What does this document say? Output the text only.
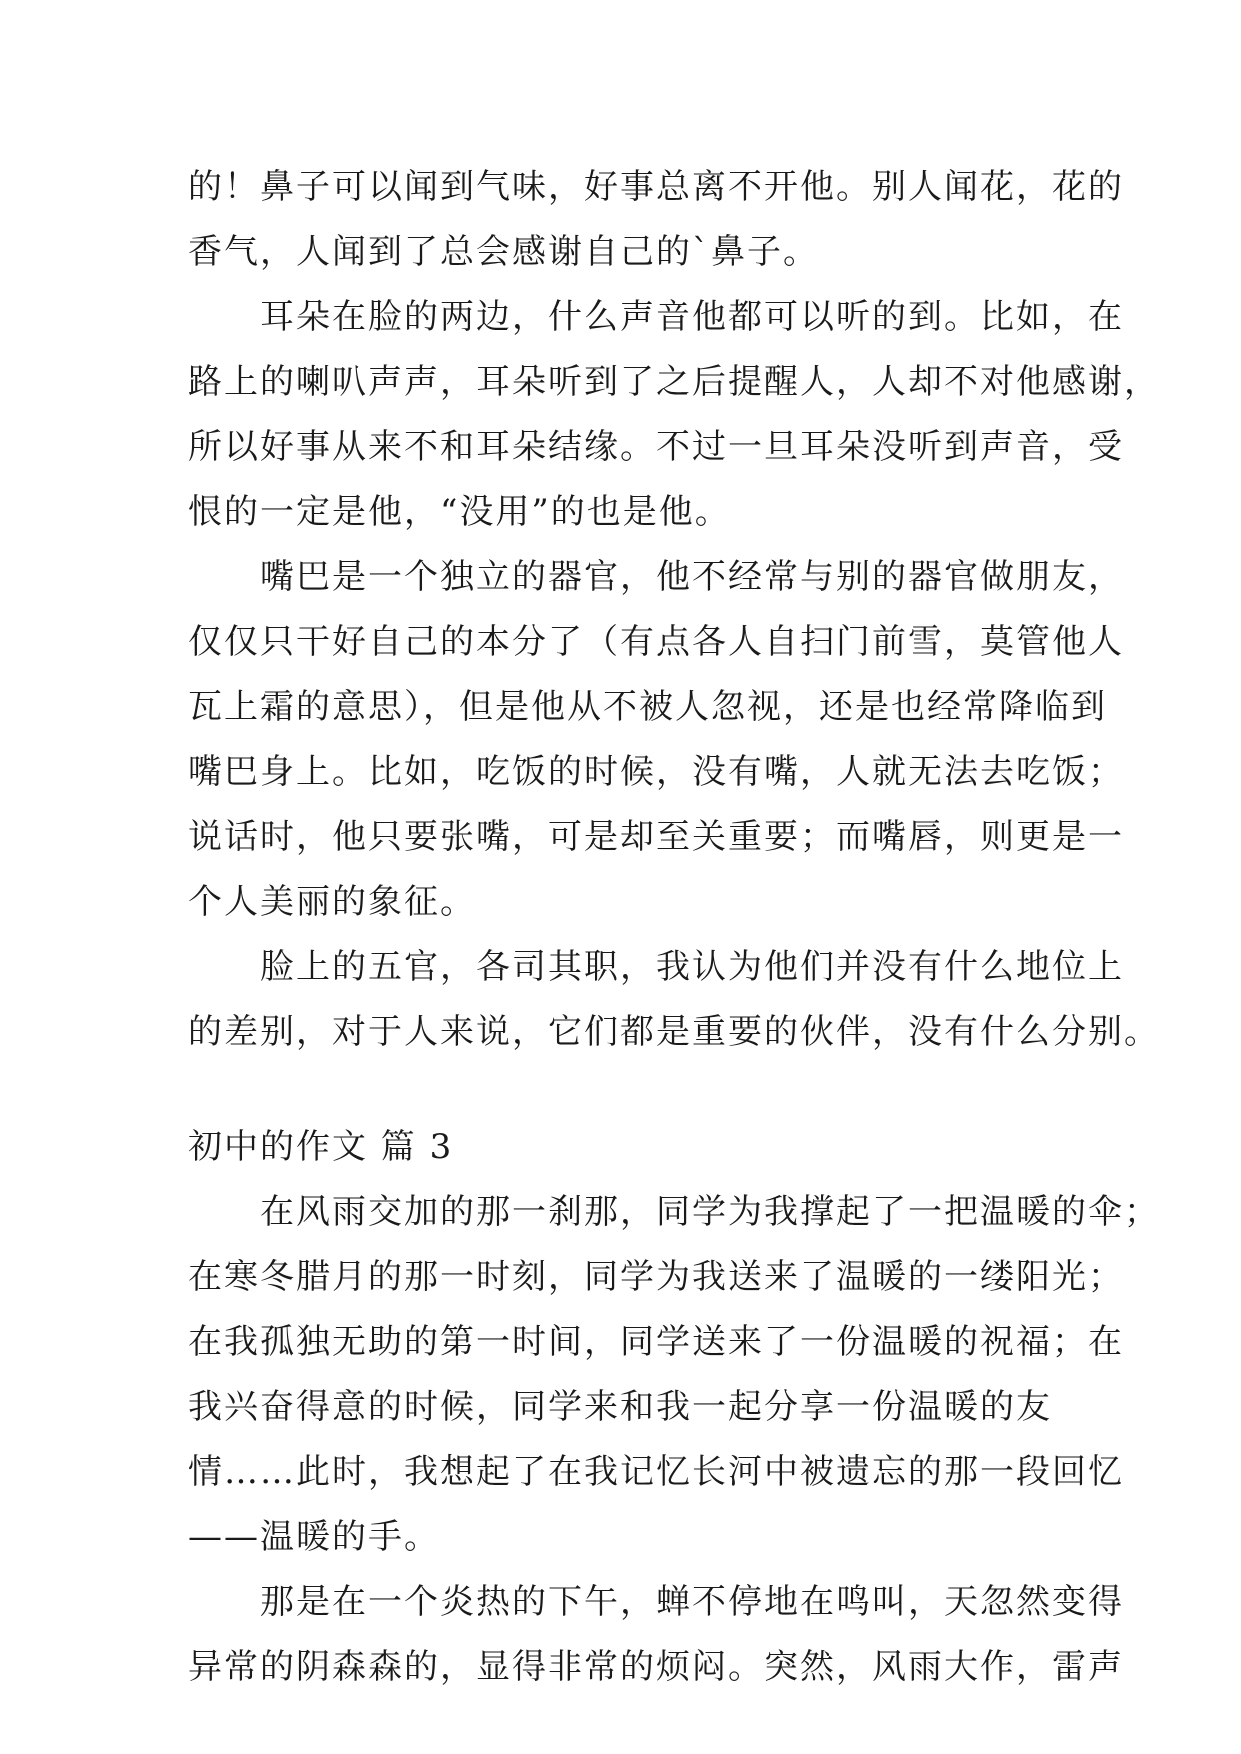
的！鼻子可以闻到气味，好事总离不开他。别人闻花，花的
香气，人闻到了总会感谢自己的`鼻子。
　　耳朵在脸的两边，什么声音他都可以听的到。比如，在
路上的喇叭声声，耳朵听到了之后提醒人，人却不对他感谢，
所以好事从来不和耳朵结缘。不过一旦耳朵没听到声音，受
恨的一定是他，“没用”的也是他。
　　嘴巴是一个独立的器官，他不经常与别的器官做朋友，
仅仅只干好自己的本分了（有点各人自扫门前雪，莫管他人
瓦上霜的意思），但是他从不被人忽视，还是也经常降临到
嘴巴身上。比如，吃饭的时候，没有嘴，人就无法去吃饭；
说话时，他只要张嘴，可是却至关重要；而嘴唇，则更是一
个人美丽的象征。
　　脸上的五官，各司其职，我认为他们并没有什么地位上
的差别，对于人来说，它们都是重要的伙伴，没有什么分别。
初中的作文 篇 3
　　在风雨交加的那一刹那，同学为我撑起了一把温暖的伞；
在寒冬腊月的那一时刻，同学为我送来了温暖的一缕阳光；
在我孤独无助的第一时间，同学送来了一份温暖的祝福；在
我兴奋得意的时候，同学来和我一起分享一份温暖的友
情……此时，我想起了在我记忆长河中被遗忘的那一段回忆
——温暖的手。
　　那是在一个炎热的下午，蝉不停地在鸣叫，天忽然变得
异常的阴森森的，显得非常的烦闷。突然，风雨大作，雷声
